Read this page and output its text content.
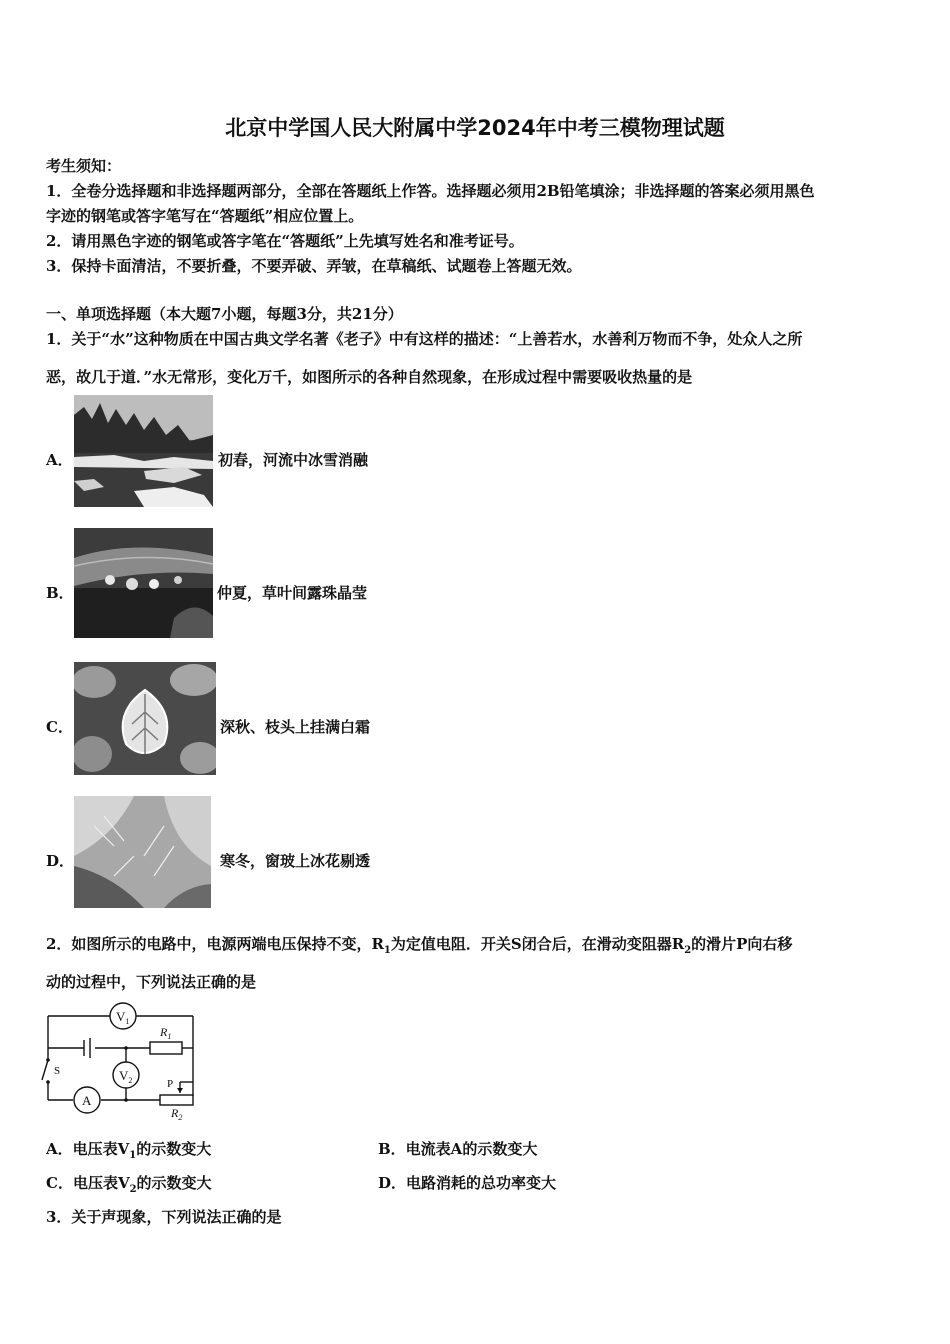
北京中学国人民大附属中学2024年中考三模物理试题
考生须知：
1．全卷分选择题和非选择题两部分，全部在答题纸上作答。选择题必须用2B铅笔填涂；非选择题的答案必须用黑色
字迹的钢笔或答字笔写在“答题纸”相应位置上。
2．请用黑色字迹的钢笔或答字笔在“答题纸”上先填写姓名和准考证号。
3．保持卡面清洁，不要折叠，不要弄破、弄皱，在草稿纸、试题卷上答题无效。
一、单项选择题（本大题7小题，每题3分，共21分）
1．关于“水”这种物质在中国古典文学名著《老子》中有这样的描述：“上善若水，水善利万物而不争，处众人之所
恶，故几于道．”水无常形，变化万千，如图所示的各种自然现象，在形成过程中需要吸收热量的是
A．	初春，河流中冰雪消融
B．	仲夏，草叶间露珠晶莹
C．	深秋、枝头上挂满白霜
D．	寒冬，窗玻上冰花剔透
2．如图所示的电路中，电源两端电压保持不变，$R_1$为定值电阻．开关S闭合后，在滑动变阻器$R_2$的滑片P向右移
动的过程中，下列说法正确的是
$V_1$
$V_2$
A
$R_1$
$R_2$
S
P
A．电压表$V_1$的示数变大	B．电流表A的示数变大
C．电压表$V_2$的示数变大	D．电路消耗的总功率变大
3．关于声现象，下列说法正确的是
